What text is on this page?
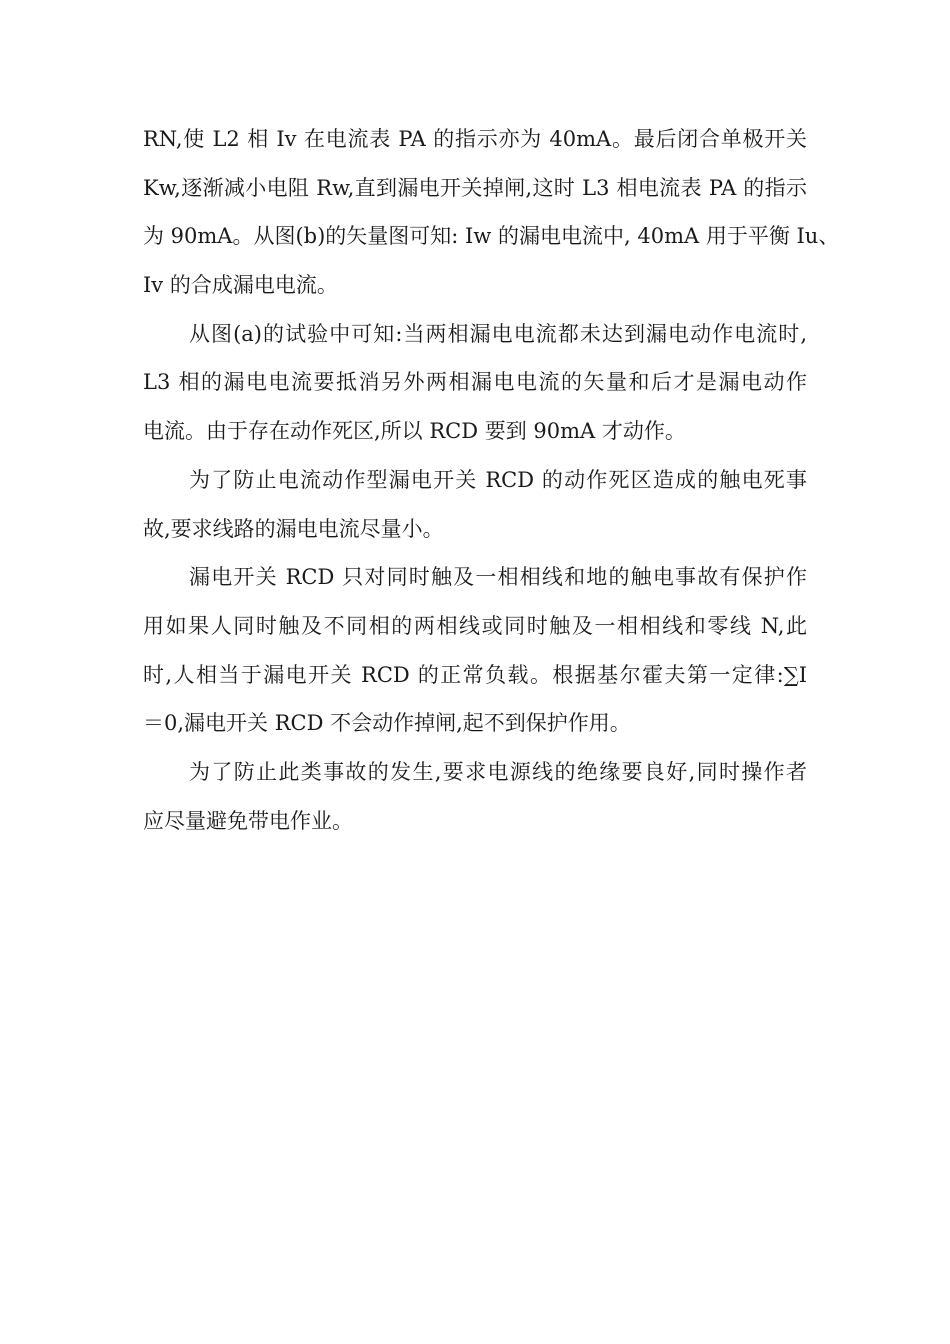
RN,使 L2 相 Iv 在电流表 PA 的指示亦为 40mA。最后闭合单极开关
Kw,逐渐减小电阻 Rw,直到漏电开关掉闸,这时 L3 相电流表 PA 的指示
为 90mA。从图(b)的矢量图可知: Iw 的漏电电流中, 40mA 用于平衡 Iu、
Iv 的合成漏电电流。

从图(a)的试验中可知:当两相漏电电流都未达到漏电动作电流时,
L3 相的漏电电流要抵消另外两相漏电电流的矢量和后才是漏电动作
电流。由于存在动作死区,所以 RCD 要到 90mA 才动作。

为了防止电流动作型漏电开关 RCD 的动作死区造成的触电死事
故,要求线路的漏电电流尽量小。

漏电开关 RCD 只对同时触及一相相线和地的触电事故有保护作
用如果人同时触及不同相的两相线或同时触及一相相线和零线 N,此
时,人相当于漏电开关 RCD 的正常负载。根据基尔霍夫第一定律:∑I
＝0,漏电开关 RCD 不会动作掉闸,起不到保护作用。

为了防止此类事故的发生,要求电源线的绝缘要良好,同时操作者
应尽量避免带电作业。
